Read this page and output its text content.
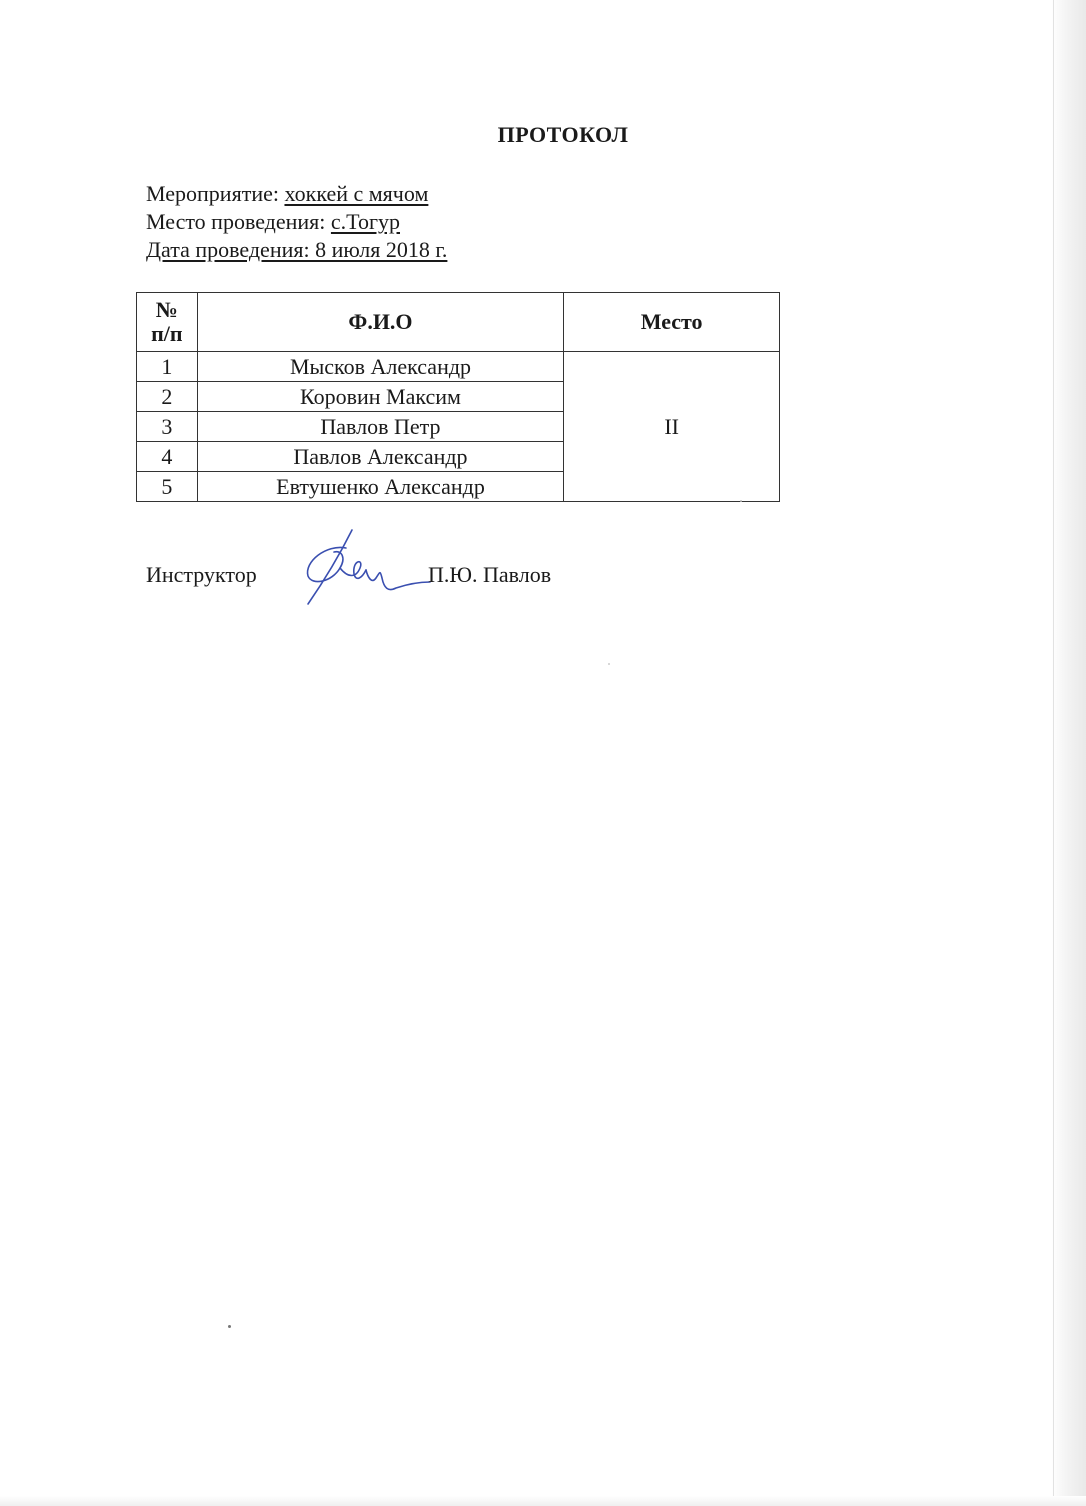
ПРОТОКОЛ
Мероприятие: хоккей с мячом
Место проведения: с.Тогур
Дата проведения: 8 июля 2018 г.
№
п/п	Ф.И.О	Место
1	Мысков Александр	II
2	Коровин Максим	
3	Павлов Петр	
4	Павлов Александр	
5	Евтушенко Александр	
Инструктор	П.Ю. Павлов
